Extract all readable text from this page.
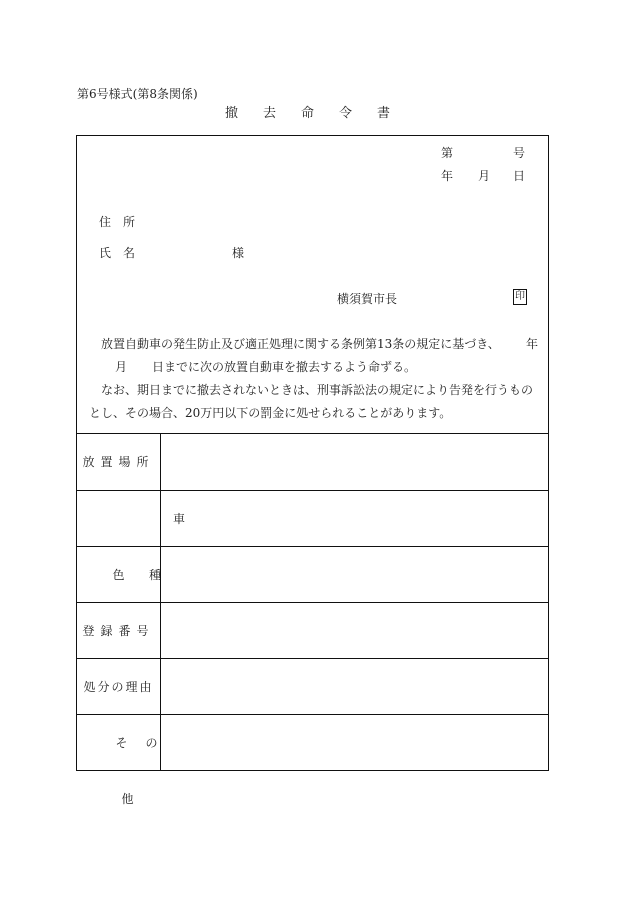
第6号様式(第8条関係)
撤去命令書
第	号
年 月 日
住　所
氏　名	様
横須賀市長	印
放置自動車の発生防止及び適正処理に関する条例第13条の規定に基づき、 年
月 日までに次の放置自動車を撤去するよう命ずる。
なお、期日までに撤去されないときは、刑事訴訟法の規定により告発を行うもの
とし、その場合、20万円以下の罰金に処せられることがあります。
放置場所
車種
色
登録番号
処分の理由
その他
